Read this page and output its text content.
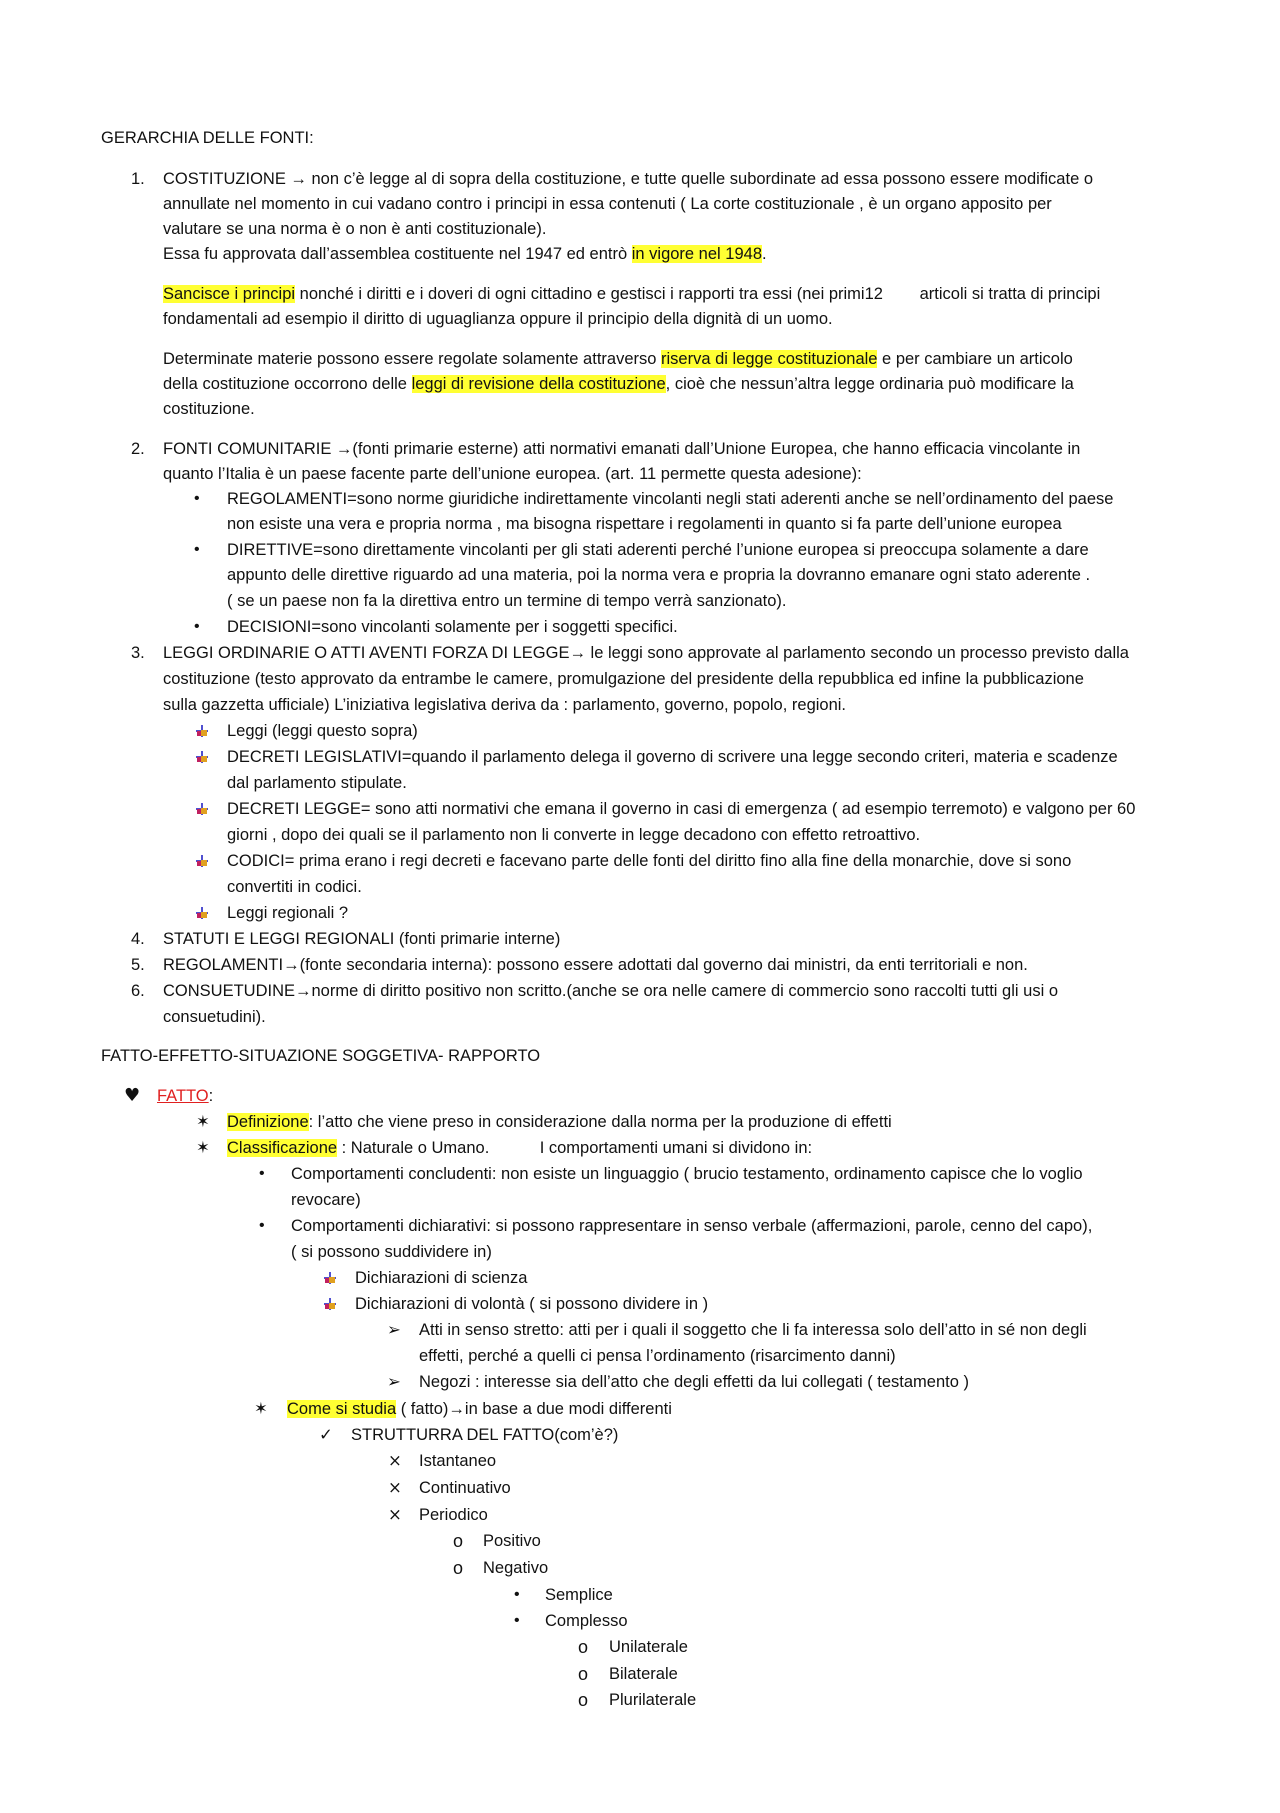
GERARCHIA DELLE FONTI:
1. COSTITUZIONE → non c’è legge al di sopra della costituzione, e tutte quelle subordinate ad essa possono essere modificate o
annullate nel momento in cui vadano contro i principi in essa contenuti ( La corte costituzionale , è un organo apposito per
valutare se una norma è o non è anti costituzionale).
Essa fu approvata dall’assemblea costituente nel 1947 ed entrò in vigore nel 1948.
Sancisce i principi nonché i diritti e i doveri di ogni cittadino e gestisci i rapporti tra essi (nei primi12        articoli si tratta di principi
fondamentali ad esempio il diritto di uguaglianza oppure il principio della dignità di un uomo.
Determinate materie possono essere regolate solamente attraverso riserva di legge costituzionale e per cambiare un articolo
della costituzione occorrono delle leggi di revisione della costituzione, cioè che nessun’altra legge ordinaria può modificare la
costituzione.
2. FONTI COMUNITARIE →(fonti primarie esterne) atti normativi emanati dall’Unione Europea, che hanno efficacia vincolante in
quanto l’Italia è un paese facente parte dell’unione europea. (art. 11 permette questa adesione):
• REGOLAMENTI=sono norme giuridiche indirettamente vincolanti negli stati aderenti anche se nell’ordinamento del paese
non esiste una vera e propria norma , ma bisogna rispettare i regolamenti in quanto si fa parte dell’unione europea
• DIRETTIVE=sono direttamente vincolanti per gli stati aderenti perché l’unione europea si preoccupa solamente a dare
appunto delle direttive riguardo ad una materia, poi la norma vera e propria la dovranno emanare ogni stato aderente .
( se un paese non fa la direttiva entro un termine di tempo verrà sanzionato).
• DECISIONI=sono vincolanti solamente per i soggetti specifici.
3. LEGGI ORDINARIE O ATTI AVENTI FORZA DI LEGGE→ le leggi sono approvate al parlamento secondo un processo previsto dalla
costituzione (testo approvato da entrambe le camere, promulgazione del presidente della repubblica ed infine la pubblicazione
sulla gazzetta ufficiale) L’iniziativa legislativa deriva da : parlamento, governo, popolo, regioni.
Leggi (leggi questo sopra)
DECRETI LEGISLATIVI=quando il parlamento delega il governo di scrivere una legge secondo criteri, materia e scadenze
dal parlamento stipulate.
DECRETI LEGGE= sono atti normativi che emana il governo in casi di emergenza ( ad esempio terremoto) e valgono per 60
giorni , dopo dei quali se il parlamento non li converte in legge decadono con effetto retroattivo.
CODICI= prima erano i regi decreti e facevano parte delle fonti del diritto fino alla fine della monarchie, dove si sono
convertiti in codici.
Leggi regionali ?
4. STATUTI E LEGGI REGIONALI (fonti primarie interne)
5. REGOLAMENTI→(fonte secondaria interna): possono essere adottati dal governo dai ministri, da enti territoriali e non.
6. CONSUETUDINE→norme di diritto positivo non scritto.(anche se ora nelle camere di commercio sono raccolti tutti gli usi o
consuetudini).
FATTO-EFFETTO-SITUAZIONE SOGGETIVA- RAPPORTO
♥ FATTO:
✶ Definizione: l’atto che viene preso in considerazione dalla norma per la produzione di effetti
✶ Classificazione : Naturale o Umano.           I comportamenti umani si dividono in:
• Comportamenti concludenti: non esiste un linguaggio ( brucio testamento, ordinamento capisce che lo voglio
revocare)
• Comportamenti dichiarativi: si possono rappresentare in senso verbale (affermazioni, parole, cenno del capo),
( si possono suddividere in)
Dichiarazioni di scienza
Dichiarazioni di volontà ( si possono dividere in )
➢ Atti in senso stretto: atti per i quali il soggetto che li fa interessa solo dell’atto in sé non degli
effetti, perché a quelli ci pensa l’ordinamento (risarcimento danni)
➢ Negozi : interesse sia dell’atto che degli effetti da lui collegati ( testamento )
✶ Come si studia ( fatto)→in base a due modi differenti
✓ STRUTTURRA DEL FATTO(com’è?)
× Istantaneo
× Continuativo
× Periodico
o Positivo
o Negativo
• Semplice
• Complesso
o Unilaterale
o Bilaterale
o Plurilaterale
